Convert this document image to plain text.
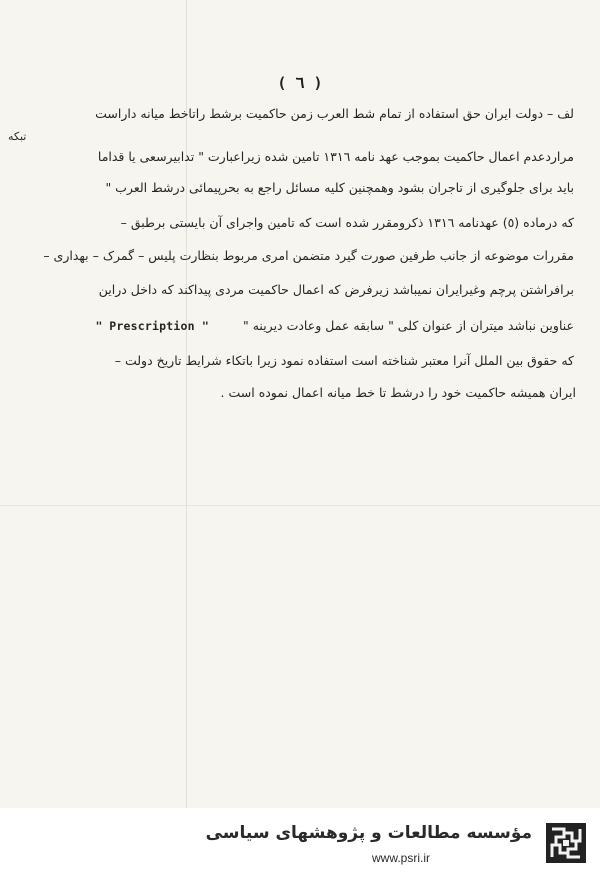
( ٦ )
تبکه
لف – دولت ایران حق استفاده از تمام شط العرب زمن حاکمیت برشط راتاخط میانه داراست
مراردعدم اعمال حاکمیت بموجب عهد نامه ١٣١٦ تامین شده زیراعبارت " تدابیرسعی یا قداما
باید برای جلوگیری از تاجران بشود وهمچنین کلیه مسائل راجع به بحرپیمائی درشط العرب "
که درماده (٥) عهدنامه ١٣١٦ ذکرومقرر شده است که تامین واجرای آن بایستی برطبق –
مقررات موضوعه از جانب طرفین صورت گیرد متضمن امری مربوط بنظارت پلیس – گمرک – بهداری –
برافراشتن پرچم وغیرایران نمیباشد زیرفرض که اعمال حاکمیت مردی پیداکند که داخل دراین
عناوین نباشد میتران از عنوان کلی " سابقه عمل وعادت دیرینه " " Prescription "
که حقوق بین الملل آنرا معتبر شناخته است استفاده نمود زیرا باتکاء شرایط تاریخ دولت –
ایران همیشه حاکمیت خود را درشط تا خط میانه اعمال نموده است .
مؤسسه مطالعات و پژوهشهای سیاسی
www.psri.ir
